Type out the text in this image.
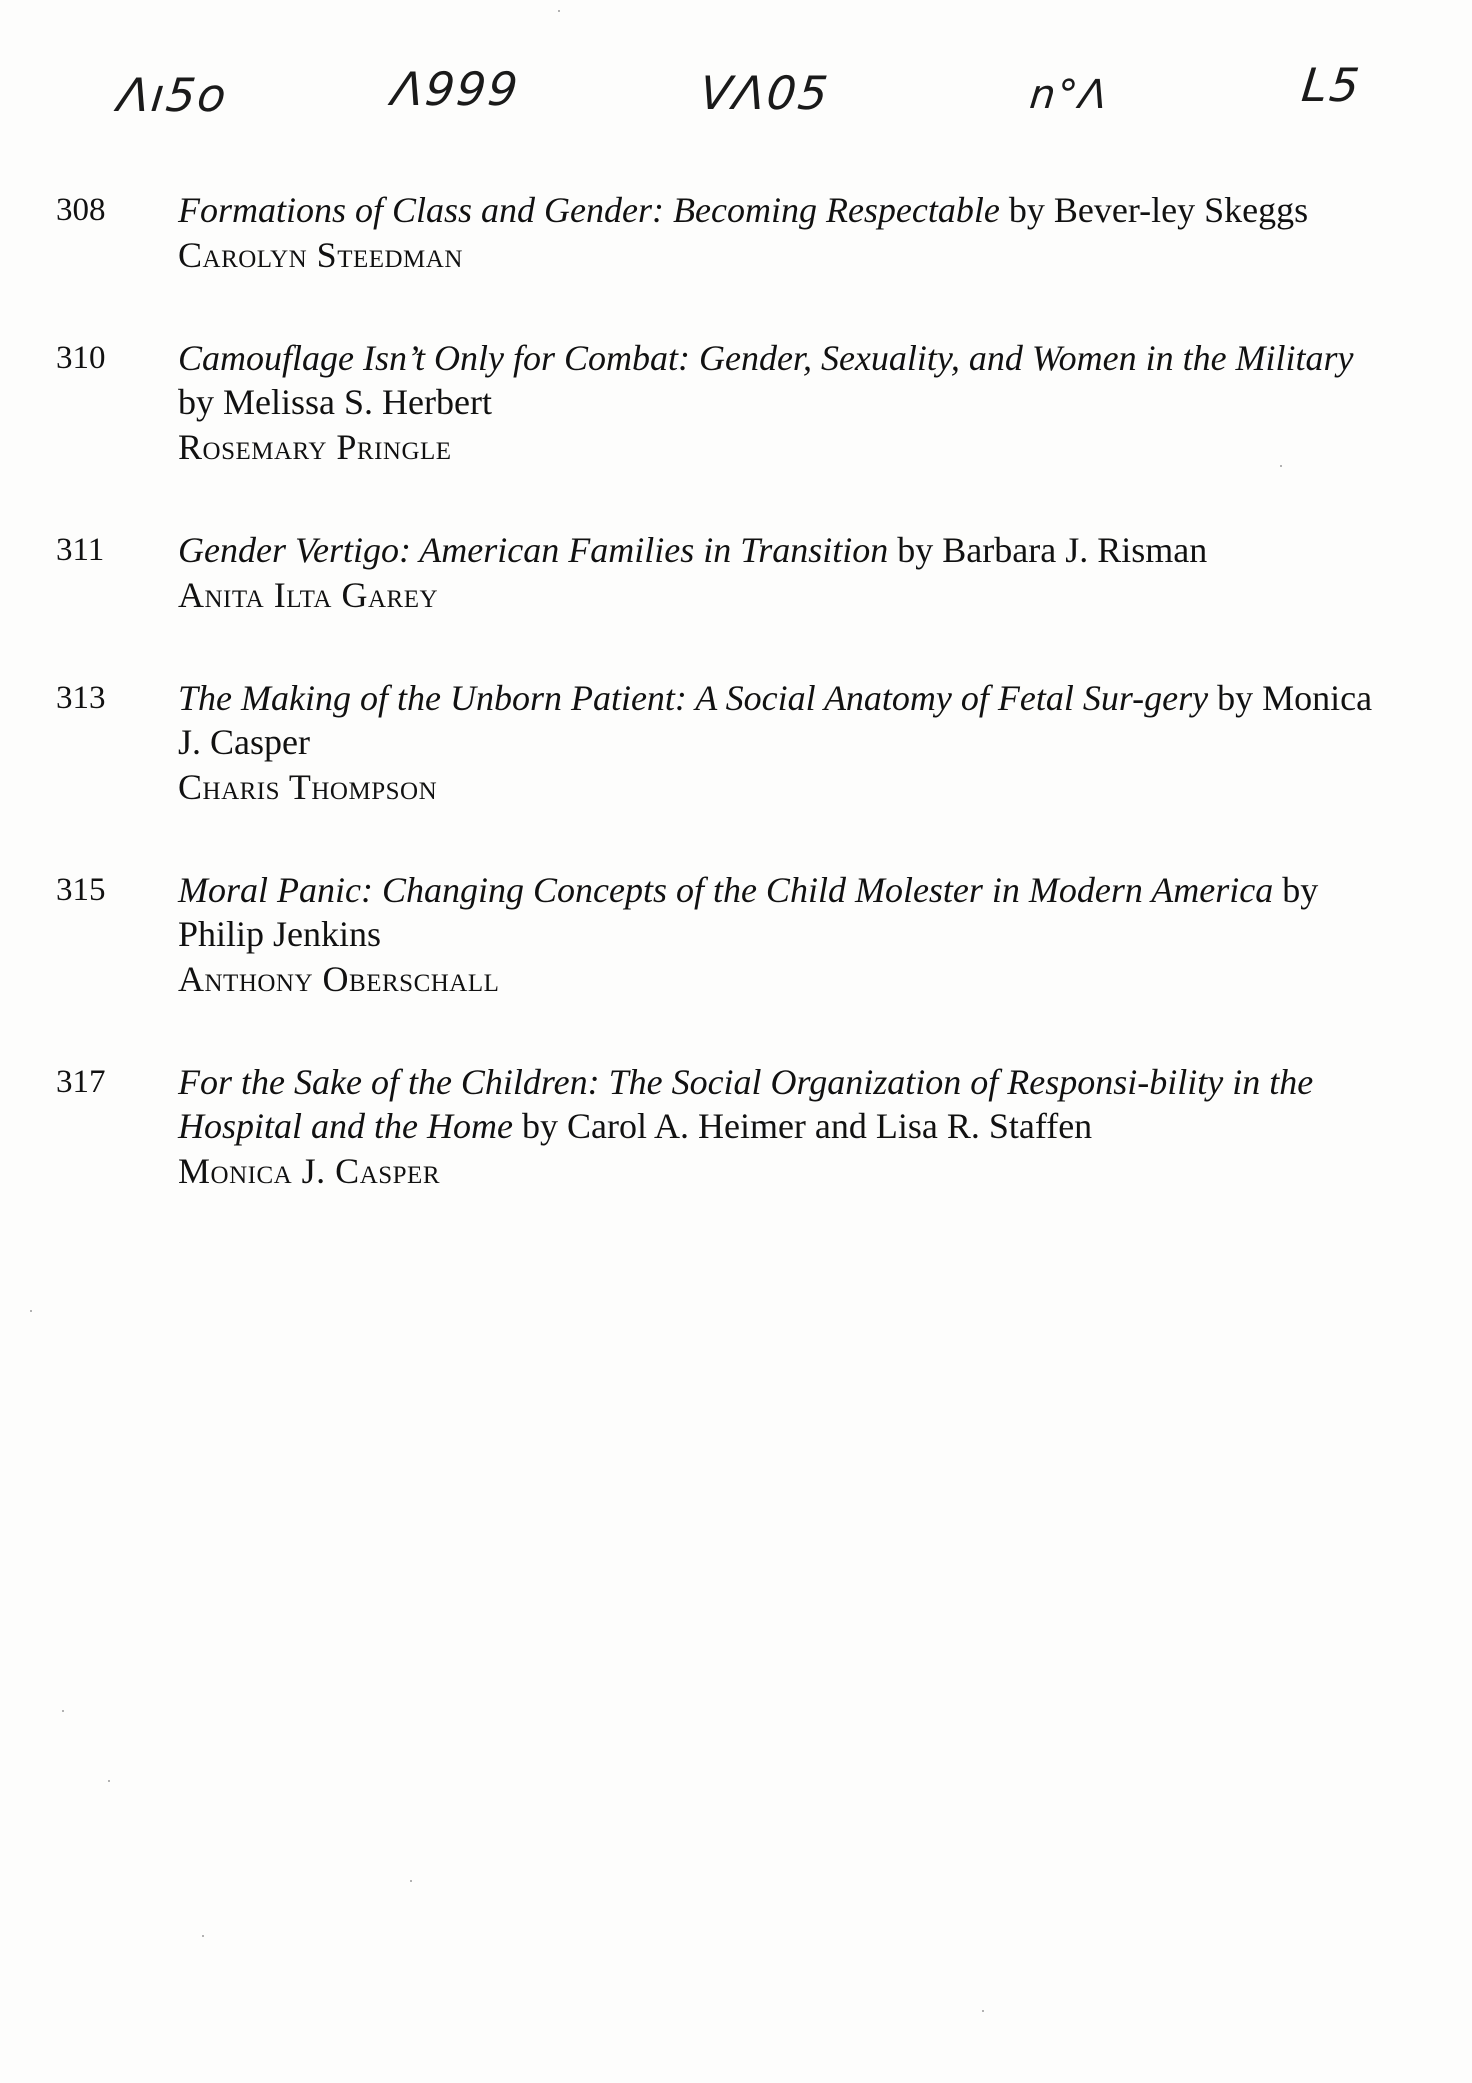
Λı5o	Λ999	VΛ05	n°Λ	L5
308	Formations of Class and Gender: Becoming Respectable by Bever-ley Skeggs
Carolyn Steedman
310	Camouflage Isn’t Only for Combat: Gender, Sexuality, and Women in the Military by Melissa S. Herbert
Rosemary Pringle
311	Gender Vertigo: American Families in Transition by Barbara J. Risman
Anita Ilta Garey
313	The Making of the Unborn Patient: A Social Anatomy of Fetal Sur-gery by Monica J. Casper
Charis Thompson
315	Moral Panic: Changing Concepts of the Child Molester in Modern America by Philip Jenkins
Anthony Oberschall
317	For the Sake of the Children: The Social Organization of Responsi-bility in the Hospital and the Home by Carol A. Heimer and Lisa R. Staffen
Monica J. Casper
